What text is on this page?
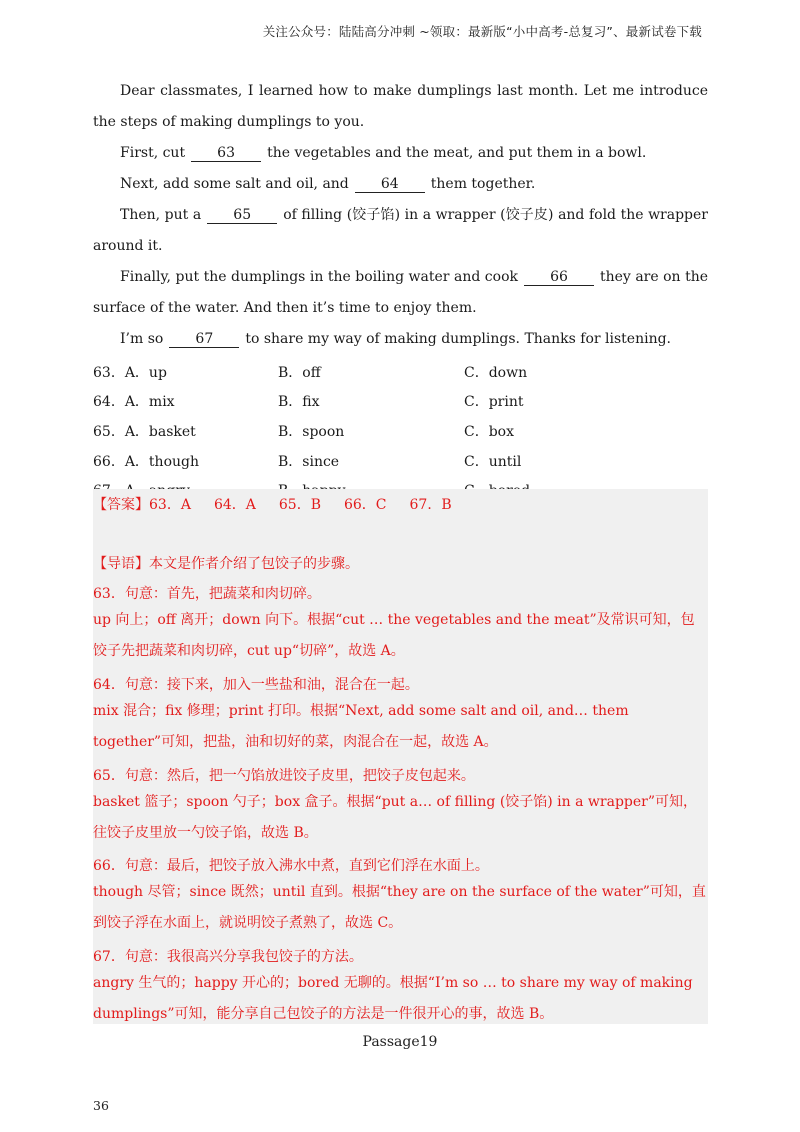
关注公众号：陆陆高分冲刺 ~领取：最新版“小中高考-总复习”、最新试卷下载

Dear classmates, I learned how to make dumplings last month. Let me introduce the steps of making dumplings to you.

First, cut 63 the vegetables and the meat, and put them in a bowl.

Next, add some salt and oil, and 64 them together.

Then, put a 65 of filling (饺子馅) in a wrapper (饺子皮) and fold the wrapper around it.

Finally, put the dumplings in the boiling water and cook 66 they are on the surface of the water. And then it’s time to enjoy them.

I’m so 67 to share my way of making dumplings. Thanks for listening.

63．A．up	B．off	C．down
64．A．mix	B．fix	C．print
65．A．basket	B．spoon	C．box
66．A．though	B．since	C．until
【答案】63．A 64．A 65．B 66．C 67．B
【导语】本文是作者介绍了包饺子的步骤。
63．句意：首先，把蔬菜和肉切碎。
up 向上；off 离开；down 向下。根据“cut … the vegetables and the meat”及常识可知，包饺子先把蔬菜和肉切碎，cut up“切碎”，故选 A。
64．句意：接下来，加入一些盐和油，混合在一起。
mix 混合；fix 修理；print 打印。根据“Next, add some salt and oil, and… them together”可知，把盐，油和切好的菜，肉混合在一起，故选 A。
65．句意：然后，把一勺馅放进饺子皮里，把饺子皮包起来。
basket 篮子；spoon 勺子；box 盒子。根据“put a… of filling (饺子馅) in a wrapper”可知，往饺子皮里放一勺饺子馅，故选 B。
66．句意：最后，把饺子放入沸水中煮，直到它们浮在水面上。
though 尽管；since 既然；until 直到。根据“they are on the surface of the water”可知，直到饺子浮在水面上，就说明饺子煮熟了，故选 C。
67．句意：我很高兴分享我包饺子的方法。
angry 生气的；happy 开心的；bored 无聊的。根据“I’m so … to share my way of making dumplings”可知，能分享自己包饺子的方法是一件很开心的事，故选 B。
Passage19
36
